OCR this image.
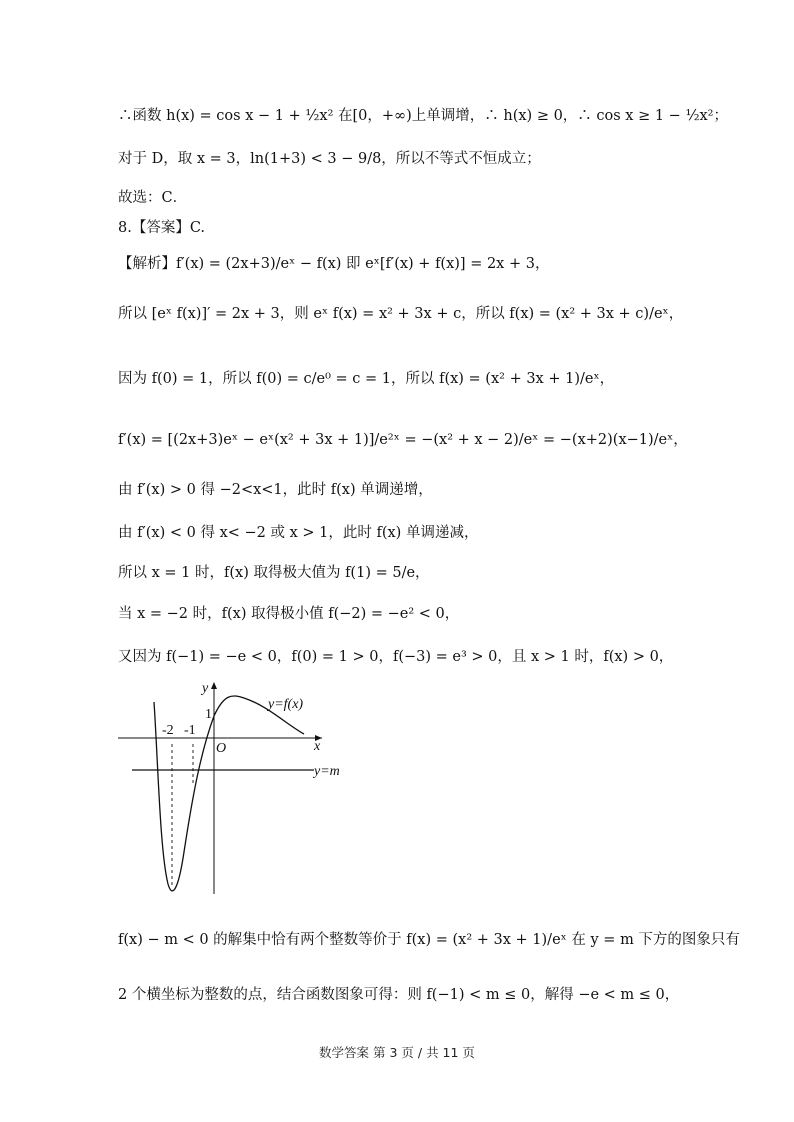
∴函数 h(x) = cos x − 1 + ½x² 在[0，+∞)上单调增，∴ h(x) ≥ 0，∴ cos x ≥ 1 − ½x²；
对于 D，取 x = 3，ln(1+3) < 3 − 9/8，所以不等式不恒成立；
故选：C．
8.【答案】C.
【解析】f′(x) = (2x+3)/eˣ − f(x) 即 eˣ[f′(x) + f(x)] = 2x + 3，
所以 [eˣ f(x)]′ = 2x + 3，则 eˣ f(x) = x² + 3x + c，所以 f(x) = (x² + 3x + c)/eˣ，
因为 f(0) = 1，所以 f(0) = c/e⁰ = c = 1，所以 f(x) = (x² + 3x + 1)/eˣ，
f′(x) = [(2x+3)eˣ − eˣ(x² + 3x + 1)]/e²ˣ = −(x² + x − 2)/eˣ = −(x+2)(x−1)/eˣ，
由 f′(x) > 0 得 −2<x<1，此时 f(x) 单调递增，
由 f′(x) < 0 得 x< −2 或 x > 1，此时 f(x) 单调递减，
所以 x = 1 时，f(x) 取得极大值为 f(1) = 5/e，
当 x = −2 时，f(x) 取得极小值 f(−2) = −e² < 0，
又因为 f(−1) = −e < 0，f(0) = 1 > 0，f(−3) = e³ > 0，且 x > 1 时，f(x) > 0，
y
x
O
1
-2 -1
y=f(x)
y=m
f(x) − m < 0 的解集中恰有两个整数等价于 f(x) = (x² + 3x + 1)/eˣ 在 y = m 下方的图象只有
2 个横坐标为整数的点，结合函数图象可得：则 f(−1) < m ≤ 0，解得 −e < m ≤ 0，
数学答案 第 3 页 / 共 11 页
